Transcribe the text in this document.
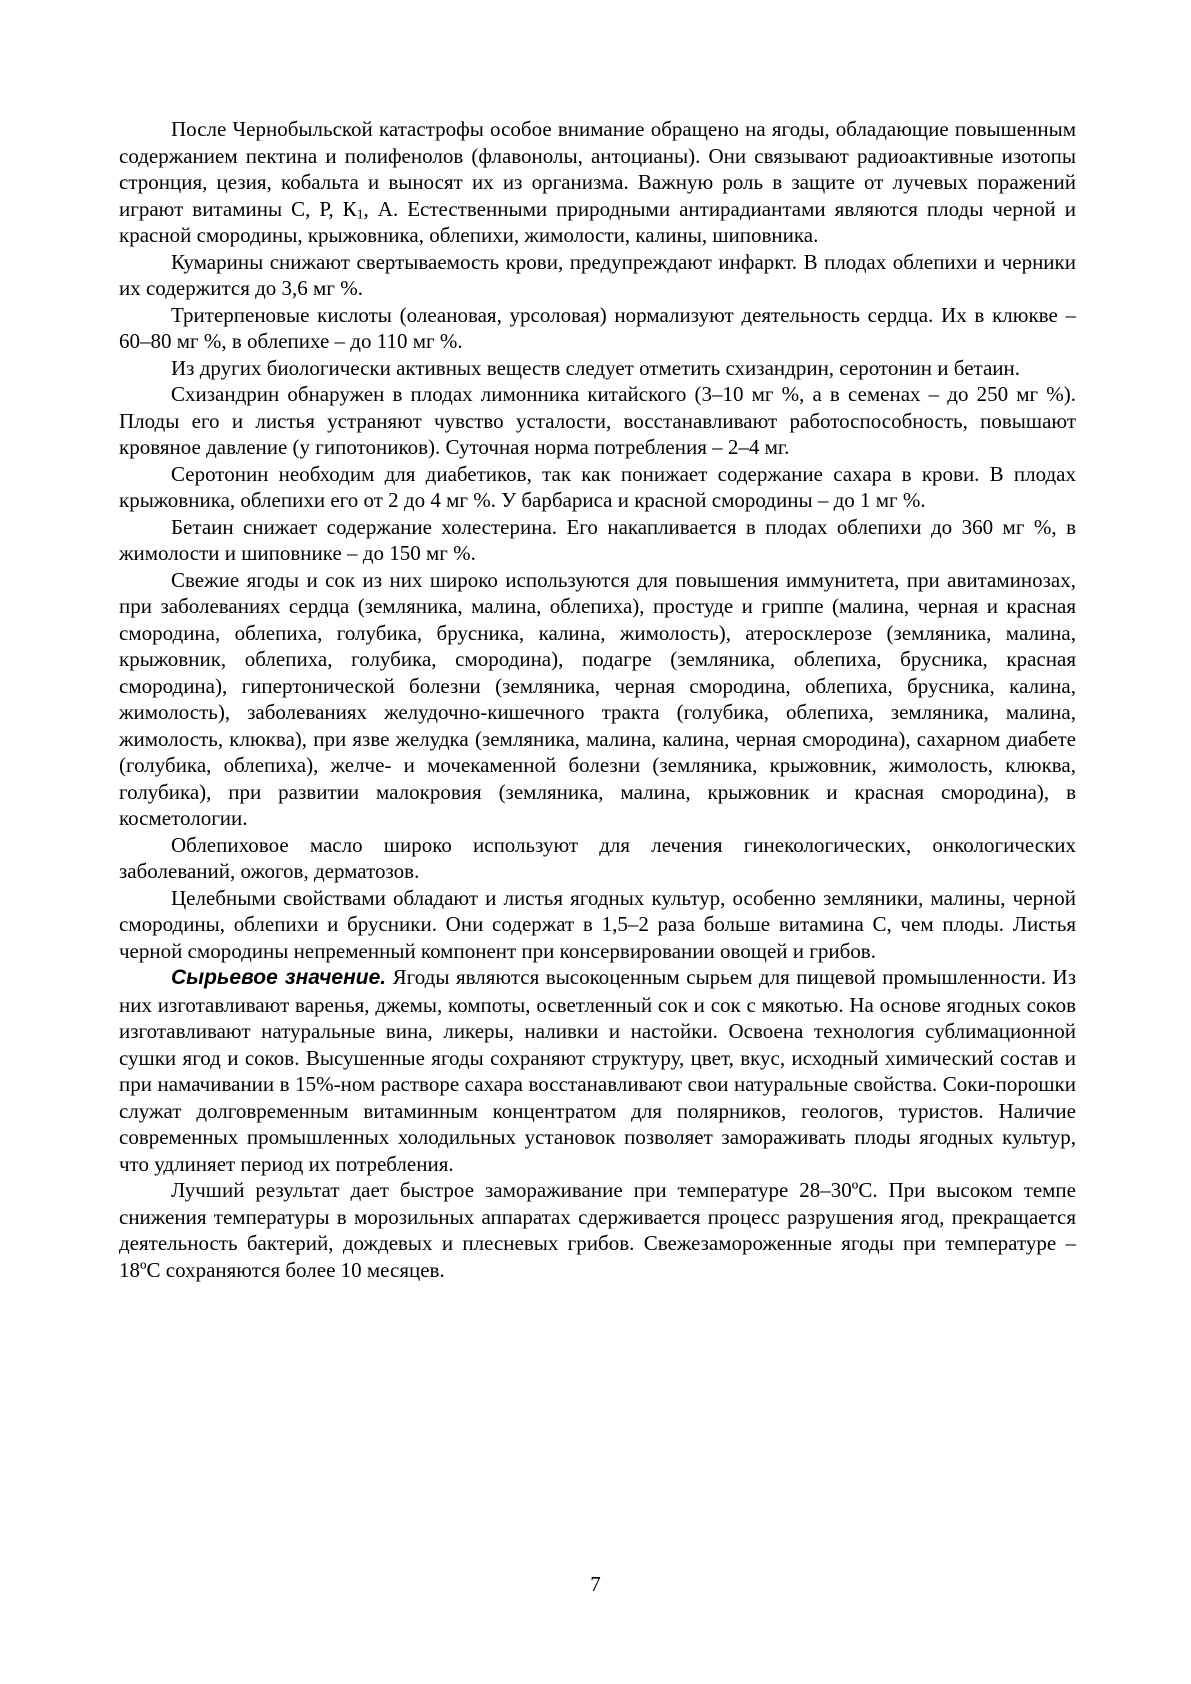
После Чернобыльской катастрофы особое внимание обращено на ягоды, обладающие повышенным содержанием пектина и полифенолов (флавонолы, антоцианы). Они связывают радиоактивные изотопы стронция, цезия, кобальта и выносят их из организма. Важную роль в защите от лучевых поражений играют витамины С, Р, $К_1$, А. Естественными природными антирадиантами являются плоды черной и красной смородины, крыжовника, облепихи, жимолости, калины, шиповника.

Кумарины снижают свертываемость крови, предупреждают инфаркт. В плодах облепихи и черники их содержится до 3,6 мг %.

Тритерпеновые кислоты (олеановая, урсоловая) нормализуют деятельность сердца. Их в клюкве – 60–80 мг %, в облепихе – до 110 мг %.

Из других биологически активных веществ следует отметить схизандрин, серотонин и бетаин.

Схизандрин обнаружен в плодах лимонника китайского (3–10 мг %, а в семенах – до 250 мг %). Плоды его и листья устраняют чувство усталости, восстанавливают работоспособность, повышают кровяное давление (у гипотоников). Суточная норма потребления – 2–4 мг.

Серотонин необходим для диабетиков, так как понижает содержание сахара в крови. В плодах крыжовника, облепихи его от 2 до 4 мг %. У барбариса и красной смородины – до 1 мг %.

Бетаин снижает содержание холестерина. Его накапливается в плодах облепихи до 360 мг %, в жимолости и шиповнике – до 150 мг %.

Свежие ягоды и сок из них широко используются для повышения иммунитета, при авитаминозах, при заболеваниях сердца (земляника, малина, облепиха), простуде и гриппе (малина, черная и красная смородина, облепиха, голубика, брусника, калина, жимолость), атеросклерозе (земляника, малина, крыжовник, облепиха, голубика, смородина), подагре (земляника, облепиха, брусника, красная смородина), гипертонической болезни (земляника, черная смородина, облепиха, брусника, калина, жимолость), заболеваниях желудочно-кишечного тракта (голубика, облепиха, земляника, малина, жимолость, клюква), при язве желудка (земляника, малина, калина, черная смородина), сахарном диабете (голубика, облепиха), желче- и мочекаменной болезни (земляника, крыжовник, жимолость, клюква, голубика), при развитии малокровия (земляника, малина, крыжовник и красная смородина), в косметологии.

Облепиховое масло широко используют для лечения гинекологических, онкологических заболеваний, ожогов, дерматозов.

Целебными свойствами обладают и листья ягодных культур, особенно земляники, малины, черной смородины, облепихи и брусники. Они содержат в 1,5–2 раза больше витамина С, чем плоды. Листья черной смородины непременный компонент при консервировании овощей и грибов.

Сырьевое значение. Ягоды являются высокоценным сырьем для пищевой промышленности. Из них изготавливают варенья, джемы, компоты, осветленный сок и сок с мякотью. На основе ягодных соков изготавливают натуральные вина, ликеры, наливки и настойки. Освоена технология сублимационной сушки ягод и соков. Высушенные ягоды сохраняют структуру, цвет, вкус, исходный химический состав и при намачивании в 15%-ном растворе сахара восстанавливают свои натуральные свойства. Соки-порошки служат долговременным витаминным концентратом для полярников, геологов, туристов. Наличие современных промышленных холодильных установок позволяет замораживать плоды ягодных культур, что удлиняет период их потребления.

Лучший результат дает быстрое замораживание при температуре 28–30ºС. При высоком темпе снижения температуры в морозильных аппаратах сдерживается процесс разрушения ягод, прекращается деятельность бактерий, дождевых и плесневых грибов. Свежезамороженные ягоды при температуре –18ºС сохраняются более 10 месяцев.

7
